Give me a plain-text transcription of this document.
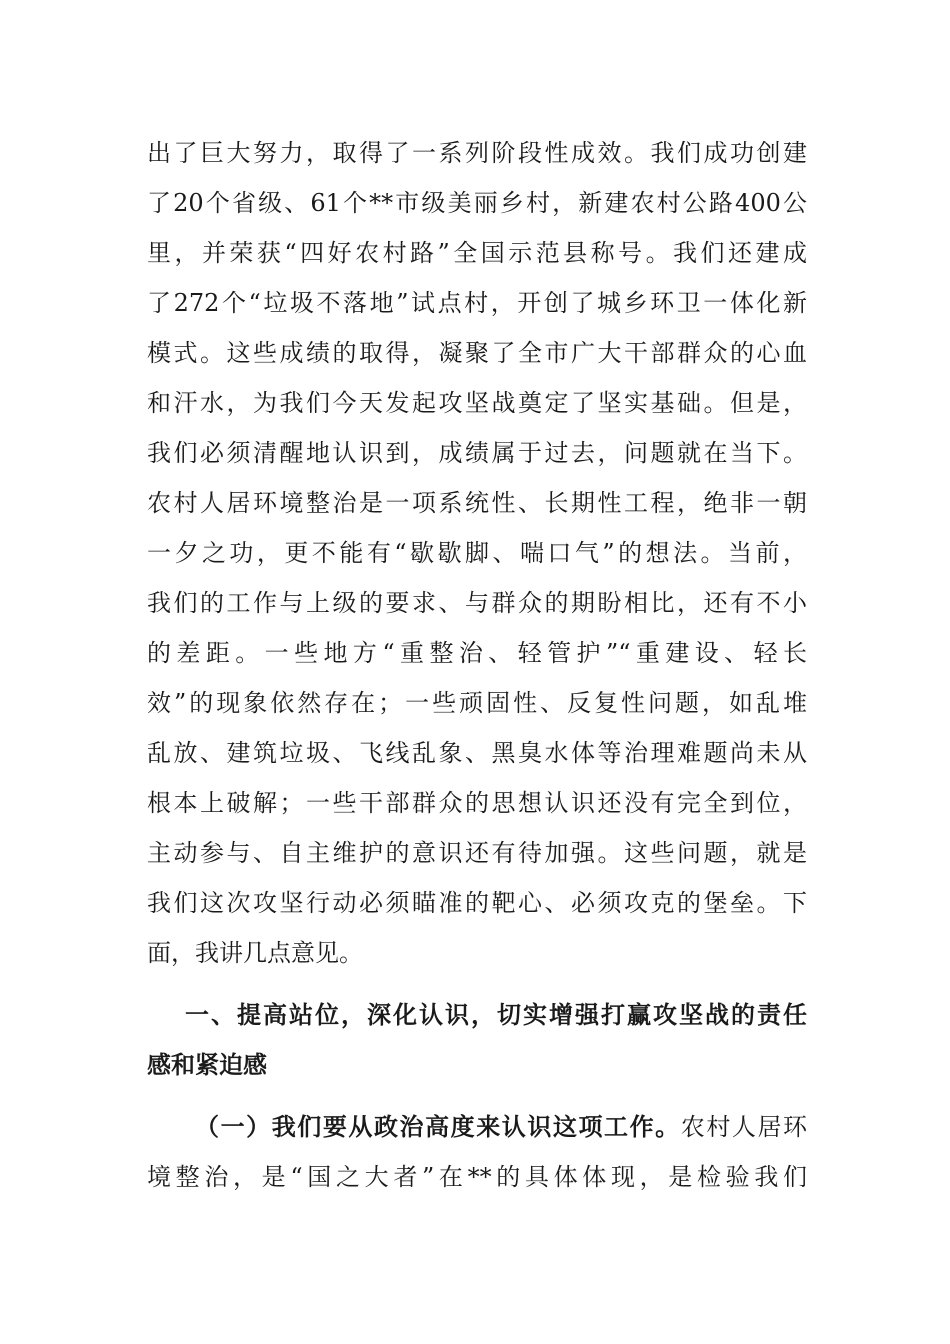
出了巨大努力，取得了一系列阶段性成效。我们成功创建
了20个省级、61个**市级美丽乡村，新建农村公路400公
里，并荣获“四好农村路”全国示范县称号。我们还建成
了272个“垃圾不落地”试点村，开创了城乡环卫一体化新
模式。这些成绩的取得，凝聚了全市广大干部群众的心血
和汗水，为我们今天发起攻坚战奠定了坚实基础。但是，
我们必须清醒地认识到，成绩属于过去，问题就在当下。
农村人居环境整治是一项系统性、长期性工程，绝非一朝
一夕之功，更不能有“歇歇脚、喘口气”的想法。当前，
我们的工作与上级的要求、与群众的期盼相比，还有不小
的差距。一些地方“重整治、轻管护”“重建设、轻长
效”的现象依然存在；一些顽固性、反复性问题，如乱堆
乱放、建筑垃圾、飞线乱象、黑臭水体等治理难题尚未从
根本上破解；一些干部群众的思想认识还没有完全到位，
主动参与、自主维护的意识还有待加强。这些问题，就是
我们这次攻坚行动必须瞄准的靶心、必须攻克的堡垒。下
面，我讲几点意见。
一、提高站位，深化认识，切实增强打赢攻坚战的责任
感和紧迫感
（一）我们要从政治高度来认识这项工作。农村人居环
境整治，是“国之大者”在**的具体体现，是检验我们
